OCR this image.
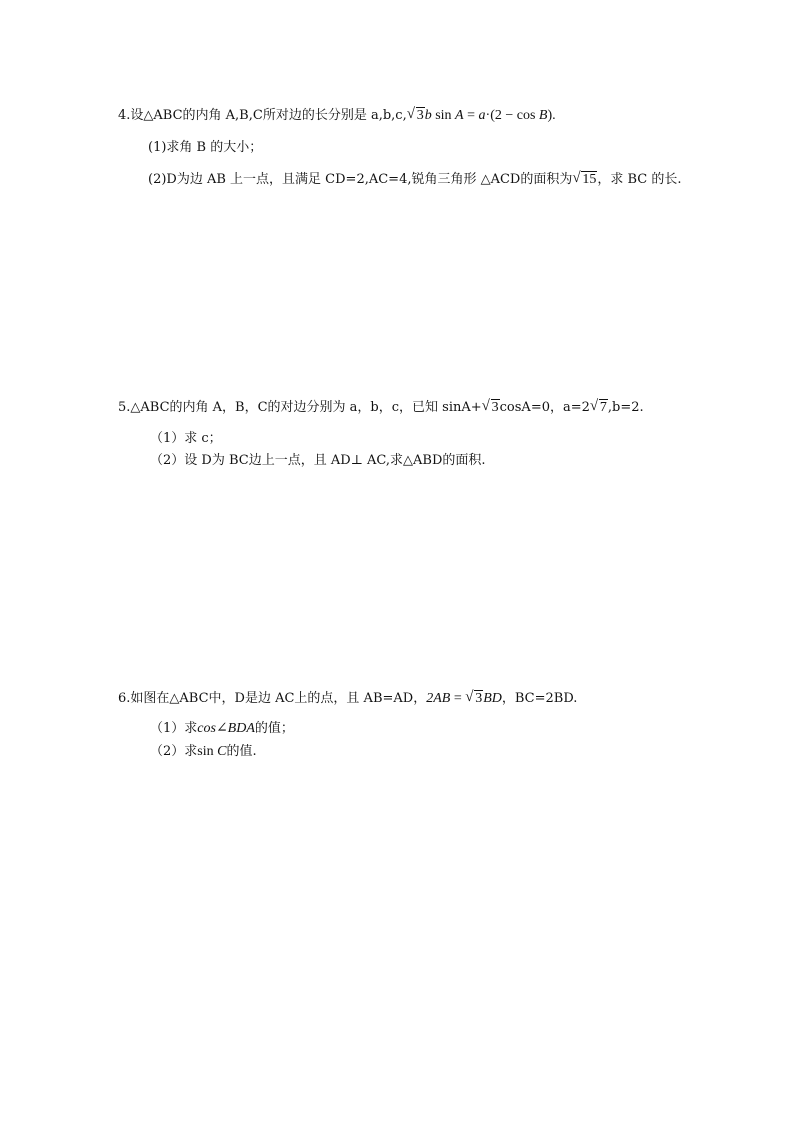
4.设△ABC的内角 A,B,C所对边的长分别是 a,b,c, √ 3b sin A = a·(2 − cos B).
(1)求角 B 的大小；
(2)D为边 AB 上一点，且满足 CD=2,AC=4,锐角三角形 △ACD的面积为 √ 15，求 BC 的长.
5.△ABC的内角 A，B，C的对边分别为 a，b，c，已知 sinA+ √ 3cosA=0，a=2 √ 7,b=2.
（1）求 c；
（2）设 D为 BC边上一点，且 AD⊥ AC,求△ABD的面积.
6.如图在△ABC中，D是边 AC上的点，且 AB=AD，2AB = √ 3BD，BC=2BD.
（1）求cos∠BDA的值；
（2）求sin C的值.
